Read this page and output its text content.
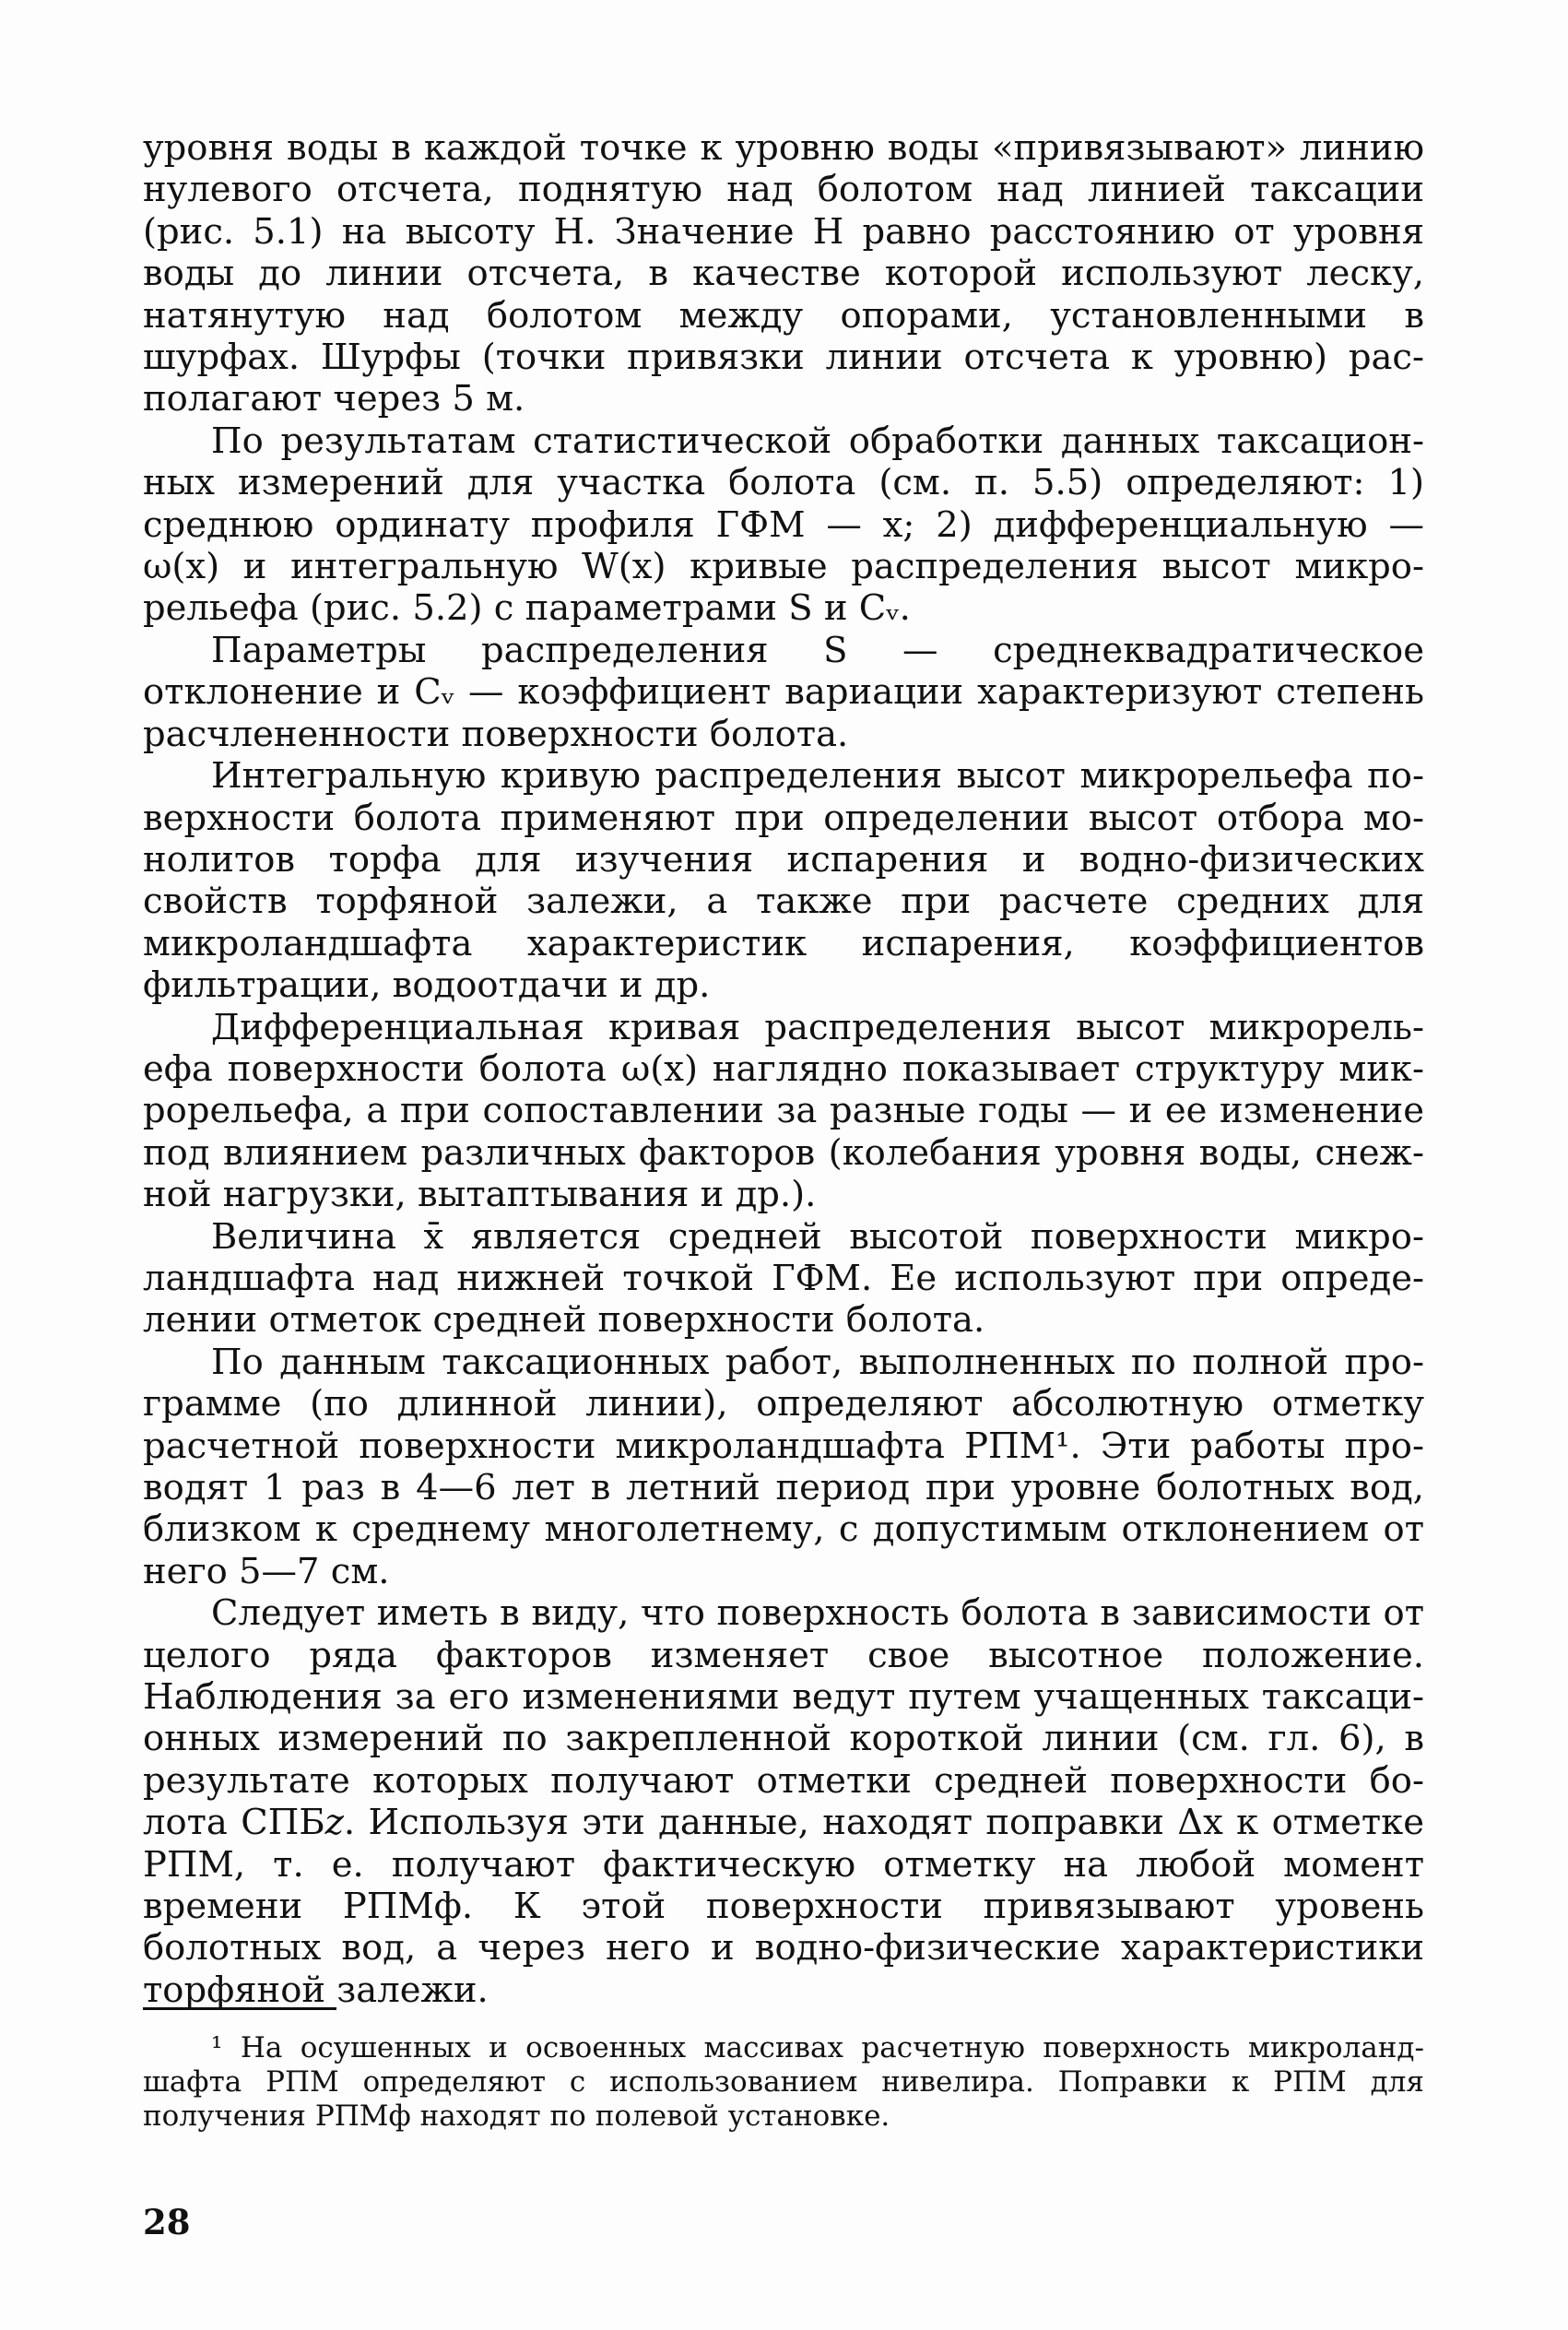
уровня воды в каждой точке к уровню воды «привязывают» линию нулевого отсчета, поднятую над болотом над линией таксации (рис. 5.1) на высоту H. Значение H равно расстоянию от уровня воды до линии отсчета, в качестве которой используют леску, натянутую над болотом между опорами, установленными в шурфах. Шурфы (точки привязки линии отсчета к уровню) располагают через 5 м.

По результатам статистической обработки данных таксационных измерений для участка болота (см. п. 5.5) определяют: 1) среднюю ординату профиля ГФМ — x; 2) дифференциальную — ω(x) и интегральную W(x) кривые распределения высот микрорельефа (рис. 5.2) с параметрами S и Cᵥ.

Параметры распределения S — среднеквадратическое отклонение и Cᵥ — коэффициент вариации характеризуют степень расчлененности поверхности болота.

Интегральную кривую распределения высот микрорельефа поверхности болота применяют при определении высот отбора монолитов торфа для изучения испарения и водно-физических свойств торфяной залежи, а также при расчете средних для микроландшафта характеристик испарения, коэффициентов фильтрации, водоотдачи и др.

Дифференциальная кривая распределения высот микрорельефа поверхности болота ω(x) наглядно показывает структуру микрорельефа, а при сопоставлении за разные годы — и ее изменение под влиянием различных факторов (колебания уровня воды, снежной нагрузки, вытаптывания и др.).

Величина x̄ является средней высотой поверхности микроландшафта над нижней точкой ГФМ. Ее используют при определении отметок средней поверхности болота.

По данным таксационных работ, выполненных по полной программе (по длинной линии), определяют абсолютную отметку расчетной поверхности микроландшафта РПМ¹. Эти работы проводят 1 раз в 4—6 лет в летний период при уровне болотных вод, близком к среднему многолетнему, с допустимым отклонением от него 5—7 см.

Следует иметь в виду, что поверхность болота в зависимости от целого ряда факторов изменяет свое высотное положение. Наблюдения за его изменениями ведут путем учащенных таксационных измерений по закрепленной короткой линии (см. гл. 6), в результате которых получают отметки средней поверхности болота СПБ𝑧. Используя эти данные, находят поправки Δx к отметке РПМ, т. е. получают фактическую отметку на любой момент времени РПМф. К этой поверхности привязывают уровень болотных вод, а через него и водно-физические характеристики торфяной залежи.

¹ На осушенных и освоенных массивах расчетную поверхность микроландшафта РПМ определяют с использованием нивелира. Поправки к РПМ для получения РПМф находят по полевой установке.

28
